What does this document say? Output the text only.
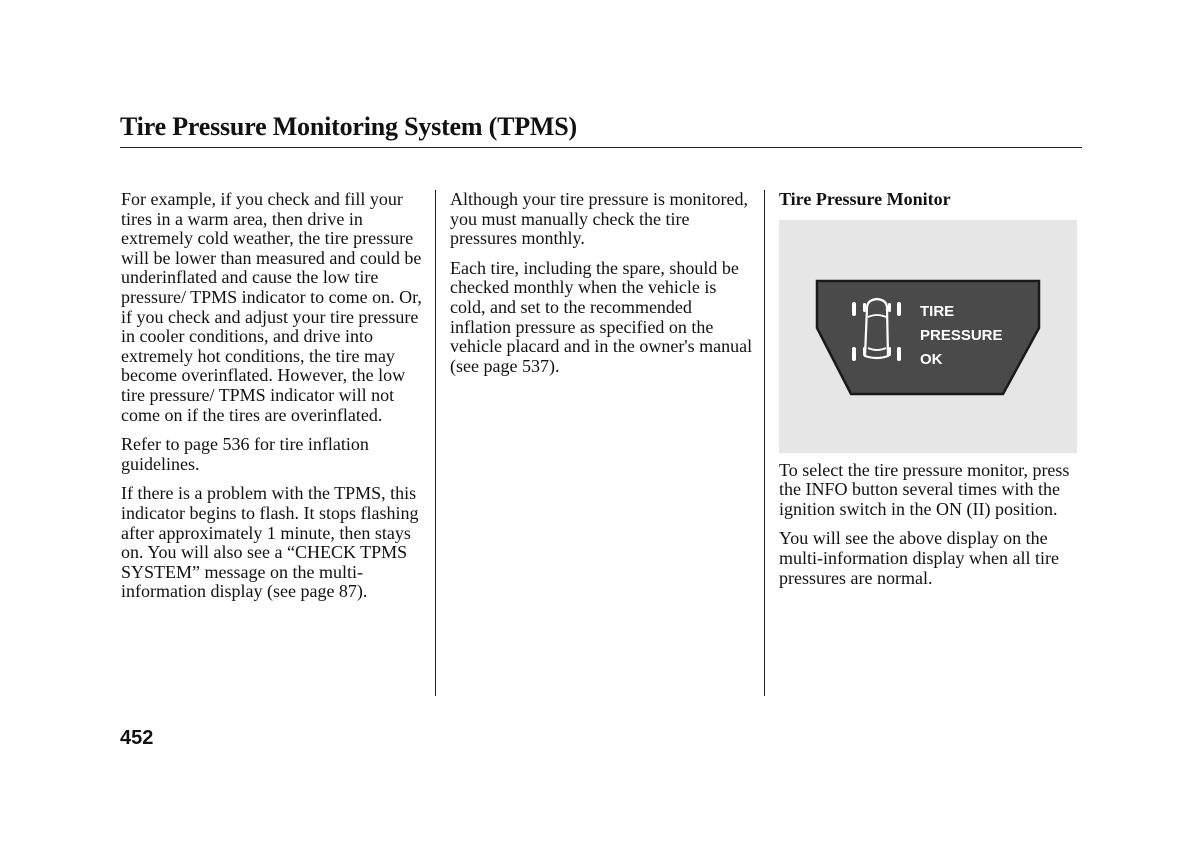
Tire Pressure Monitoring System (TPMS)

For example, if you check and fill your tires in a warm area, then drive in extremely cold weather, the tire pressure will be lower than measured and could be underinflated and cause the low tire pressure/ TPMS indicator to come on. Or, if you check and adjust your tire pressure in cooler conditions, and drive into extremely hot conditions, the tire may become overinflated. However, the low tire pressure/ TPMS indicator will not come on if the tires are overinflated.

Refer to page 536 for tire inflation guidelines.

If there is a problem with the TPMS, this indicator begins to flash. It stops flashing after approximately 1 minute, then stays on. You will also see a “CHECK TPMS SYSTEM” message on the multi-information display (see page 87).

Although your tire pressure is monitored, you must manually check the tire pressures monthly.

Each tire, including the spare, should be checked monthly when the vehicle is cold, and set to the recommended inflation pressure as specified on the vehicle placard and in the owner's manual (see page 537).

Tire Pressure Monitor

TIRE
PRESSURE
OK

To select the tire pressure monitor, press the INFO button several times with the ignition switch in the ON (II) position.

You will see the above display on the multi-information display when all tire pressures are normal.

452
